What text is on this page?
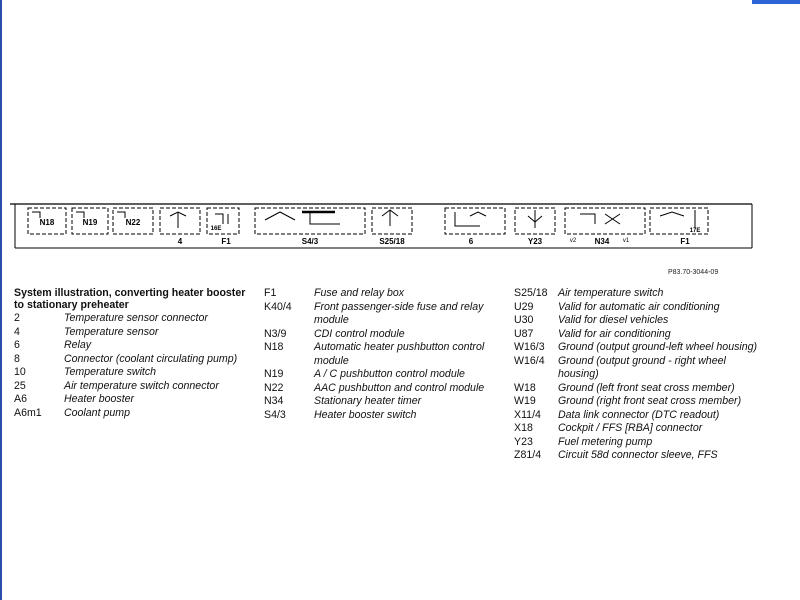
N18	N19	N22
4
16E
F1	S4/3	S25/18	6	Y23	v2 N34 v1
17E
F1
P83.70-3044-09
System illustration, converting heater booster to stationary preheater
2	Temperature sensor connector
4	Temperature sensor
6	Relay
8	Connector (coolant circulating pump)
10	Temperature switch
25	Air temperature switch connector
A6	Heater booster
A6m1	Coolant pump
F1	Fuse and relay box
K40/4	Front passenger-side fuse and relay module
N3/9	CDI control module
N18	Automatic heater pushbutton control module
N19	A / C pushbutton control module
N22	AAC pushbutton and control module
N34	Stationary heater timer
S4/3	Heater booster switch
S25/18 Air temperature switch
U29	Valid for automatic air conditioning
U30	Valid for diesel vehicles
U87	Valid for air conditioning
W16/3	Ground (output ground-left wheel housing)
W16/4	Ground (output ground - right wheel housing)
W18	Ground (left front seat cross member)
W19	Ground (right front seat cross member)
X11/4	Data link connector (DTC readout)
X18	Cockpit / FFS [RBA] connector
Y23	Fuel metering pump
Z81/4	Circuit 58d connector sleeve, FFS
